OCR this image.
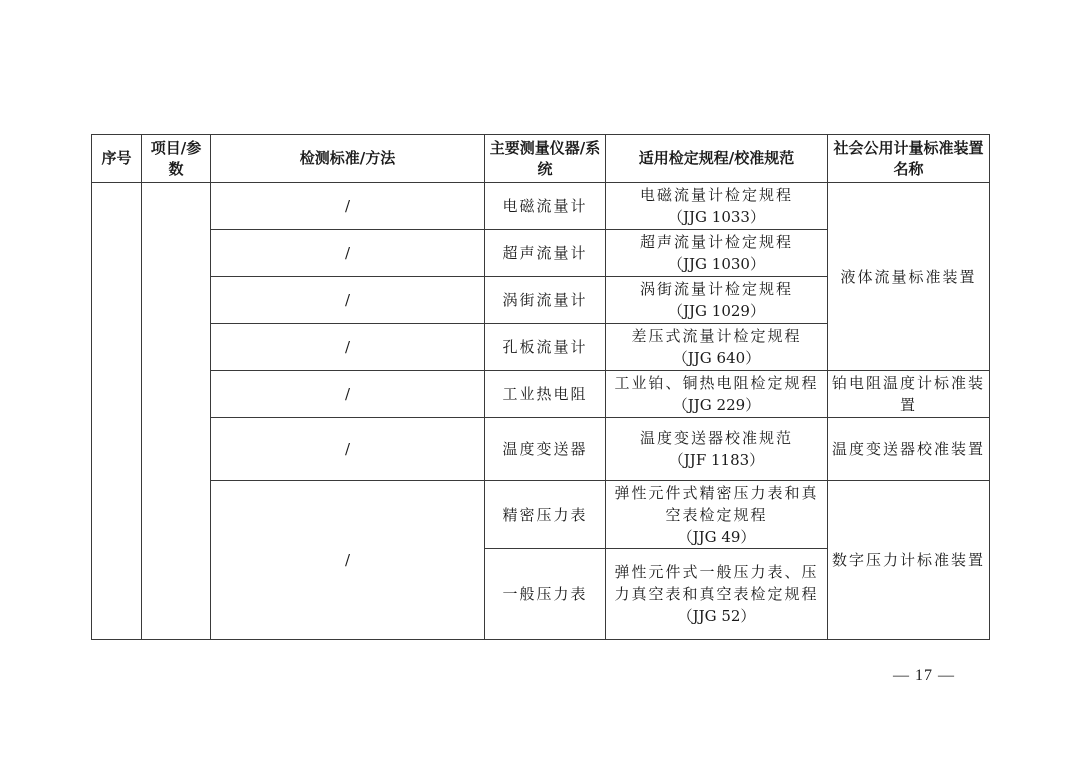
序号	项目/参数	检测标准/方法	主要测量仪器/系统	适用检定规程/校准规范	社会公用计量标准装置名称
		/	电磁流量计	电磁流量计检定规程
（JJG 1033）	液体流量标准装置
		/	超声流量计	超声流量计检定规程
（JJG 1030）	

		/	涡街流量计	涡街流量计检定规程
（JJG 1029）	

		/	孔板流量计	差压式流量计检定规程
（JJG 640）	

		/	工业热电阻	工业铂、铜热电阻检定规程
（JJG 229）	铂电阻温度计标准装置
		/	温度变送器	温度变送器校准规范
（JJF 1183）	温度变送器校准装置
		/	精密压力表	弹性元件式精密压力表和真空表检定规程
（JJG 49）	数字压力计标准装置
			一般压力表	弹性元件式一般压力表、压力真空表和真空表检定规程
（JJG 52）	
— 17 —
